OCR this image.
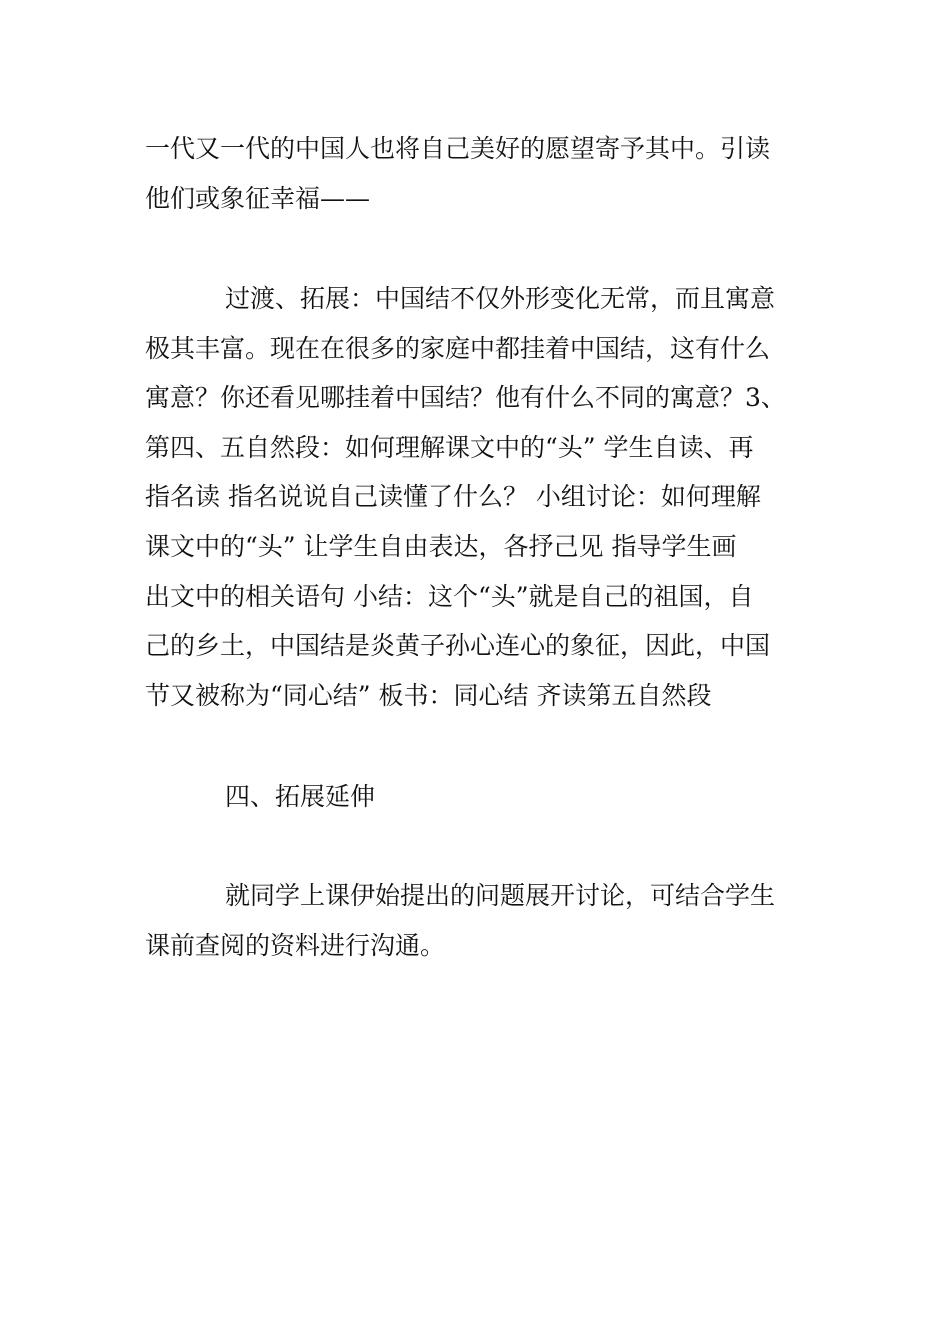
一代又一代的中国人也将自己美好的愿望寄予其中。引读
他们或象征幸福——
过渡、拓展：中国结不仅外形变化无常，而且寓意
极其丰富。现在在很多的家庭中都挂着中国结，这有什么
寓意？你还看见哪挂着中国结？他有什么不同的寓意？3、
第四、五自然段：如何理解课文中的“头” 学生自读、再
指名读 指名说说自己读懂了什么？ 小组讨论：如何理解
课文中的“头” 让学生自由表达，各抒己见 指导学生画
出文中的相关语句 小结：这个“头”就是自己的祖国，自
己的乡土，中国结是炎黄子孙心连心的象征，因此，中国
节又被称为“同心结” 板书：同心结 齐读第五自然段
四、拓展延伸
就同学上课伊始提出的问题展开讨论，可结合学生
课前查阅的资料进行沟通。
